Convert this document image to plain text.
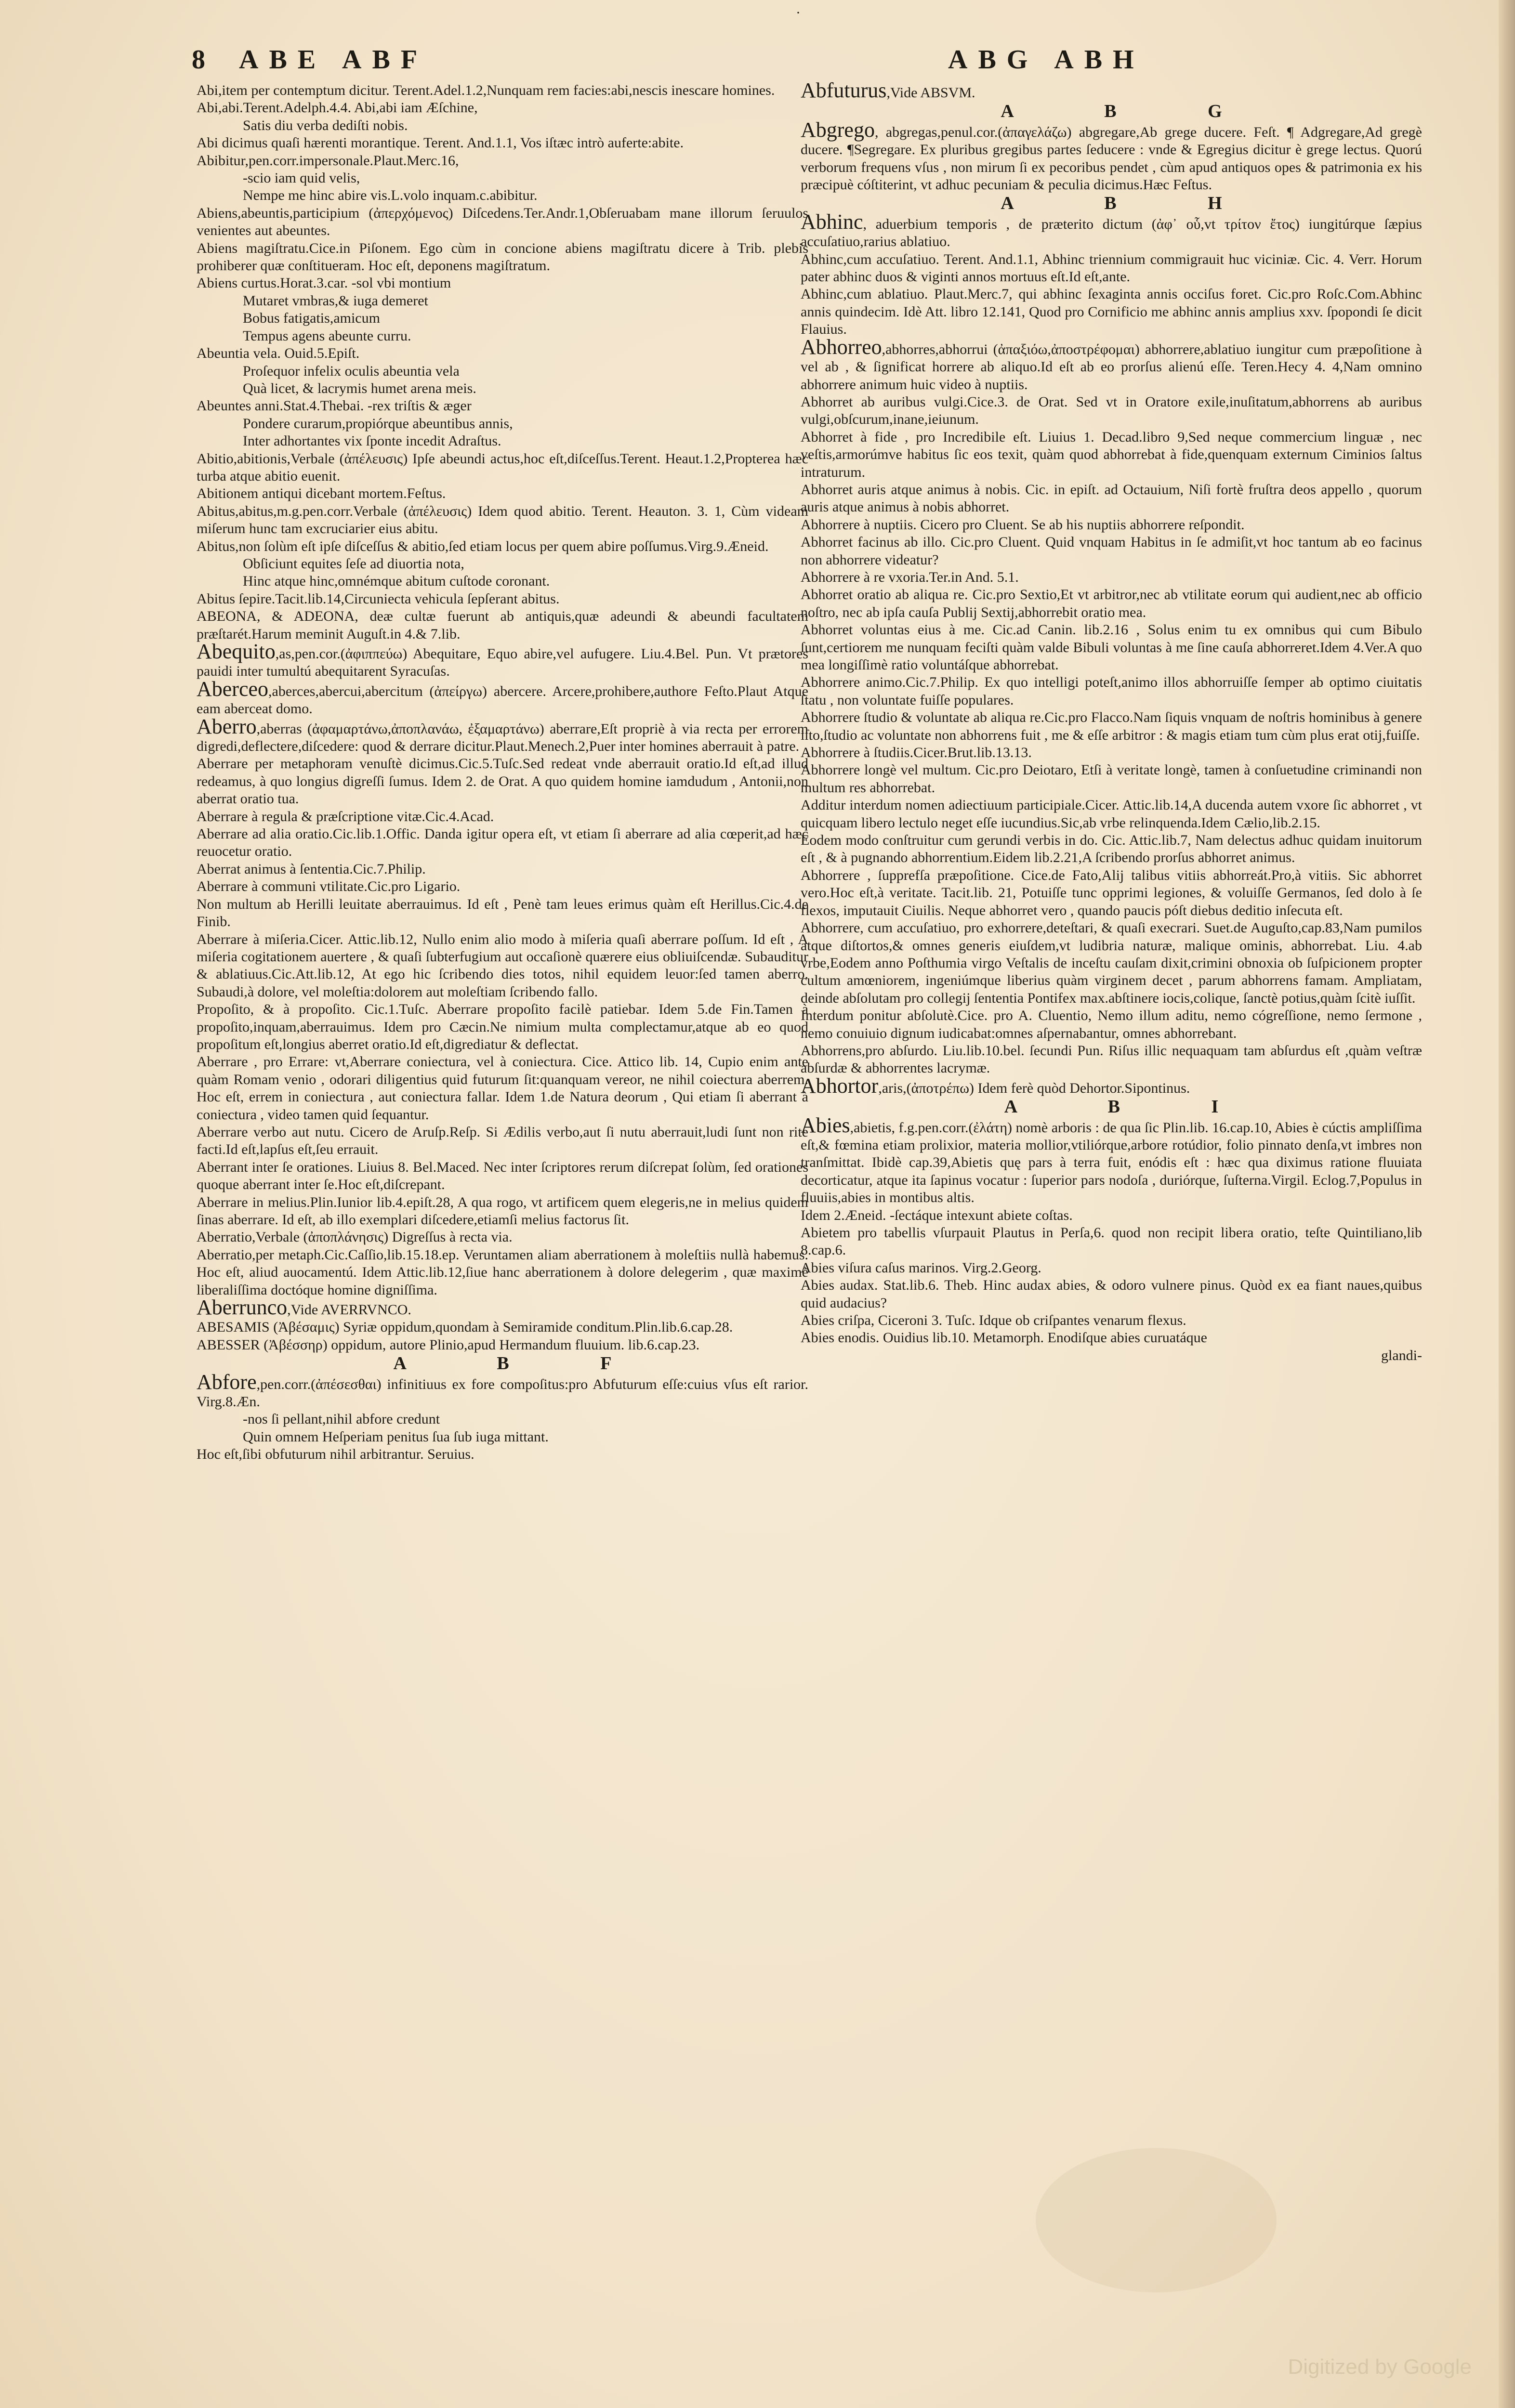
·
8 ABE ABF	ABG ABH

Abi,item per contemptum dicitur. Terent.Adel.1.2,Nunquam rem facies:abi,nescis inescare homines.

Abi,abi.Terent.Adelph.4.4. Abi,abi iam Æſchine,

Satis diu verba dediſti nobis.

Abi dicimus quaſi hærenti morantique. Terent. And.1.1, Vos iſtæc intrò auferte:abite.

Abibitur,pen.corr.impersonale.Plaut.Merc.16,

-scio iam quid velis,

Nempe me hinc abire vis.L.volo inquam.c.abibitur.

Abiens,abeuntis,participium (ἀπερχόμενος) Diſcedens.Ter.Andr.1,Obſeruabam mane illorum ſeruulos venientes aut abeuntes.

Abiens magiſtratu.Cice.in Piſonem. Ego cùm in concione abiens magiſtratu dicere à Trib. plebis prohiberer quæ conſtitueram. Hoc eſt, deponens magiſtratum.

Abiens curtus.Horat.3.car. -sol vbi montium

Mutaret vmbras,& iuga demeret

Bobus fatigatis,amicum

Tempus agens abeunte curru.

Abeuntia vela. Ouid.5.Epiſt.

Proſequor infelix oculis abeuntia vela

Quà licet, & lacrymis humet arena meis.

Abeuntes anni.Stat.4.Thebai. -rex triſtis & æger

Pondere curarum,propiórque abeuntibus annis,

Inter adhortantes vix ſponte incedit Adraſtus.

Abitio,abitionis,Verbale (ἀπέλευσις) Ipſe abeundi actus,hoc eſt,diſceſſus.Terent. Heaut.1.2,Propterea hæc turba atque abitio euenit.

Abitionem antiqui dicebant mortem.Feſtus.

Abitus,abitus,m.g.pen.corr.Verbale (ἀπέλευσις) Idem quod abitio. Terent. Heauton. 3. 1, Cùm videam miſerum hunc tam excruciarier eius abitu.

Abitus,non ſolùm eſt ipſe diſceſſus & abitio,ſed etiam locus per quem abire poſſumus.Virg.9.Æneid.

Obſiciunt equites ſeſe ad diuortia nota,

Hinc atque hinc,omnémque abitum cuſtode coronant.

Abitus ſepire.Tacit.lib.14,Circuniecta vehicula ſepſerant abitus.

ABEONA, & ADEONA, deæ cultæ fuerunt ab antiquis,quæ adeundi & abeundi facultatem præſtarét.Harum meminit Auguſt.in 4.& 7.lib.

Abequito,as,pen.cor.(ἀφιππεύω) Abequitare, Equo abire,vel aufugere. Liu.4.Bel. Pun. Vt prætores pauidi inter tumultú abequitarent Syracuſas.

Aberceo,aberces,abercui,abercitum (ἀπείργω) abercere. Arcere,prohibere,authore Feſto.Plaut Atque eam aberceat domo.

Aberro,aberras (ἀφαμαρτάνω,ἀποπλανάω, ἐξαμαρτάνω) aberrare,Eſt propriè à via recta per errorem digredi,deflectere,diſcedere: quod & derrare dicitur.Plaut.Menech.2,Puer inter homines aberrauit à patre.

Aberrare per metaphoram venuſtè dicimus.Cic.5.Tuſc.Sed redeat vnde aberrauit oratio.Id eſt,ad illud redeamus, à quo longius digreſſi ſumus. Idem 2. de Orat. A quo quidem homine iamdudum , Antonii,non aberrat oratio tua.

Aberrare à regula & præſcriptione vitæ.Cic.4.Acad.

Aberrare ad alia oratio.Cic.lib.1.Offic. Danda igitur opera eſt, vt etiam ſi aberrare ad alia cœperit,ad hæc reuocetur oratio.

Aberrat animus à ſententia.Cic.7.Philip.

Aberrare à communi vtilitate.Cic.pro Ligario.

Non multum ab Herilli leuitate aberrauimus. Id eſt , Penè tam leues erimus quàm eſt Herillus.Cic.4.de Finib.

Aberrare à miſeria.Cicer. Attic.lib.12, Nullo enim alio modo à miſeria quaſi aberrare poſſum. Id eſt , A miſeria cogitationem auertere , & quaſi ſubterfugium aut occaſionè quærere eius obliuiſcendæ. Subauditur & ablatiuus.Cic.Att.lib.12, At ego hic ſcribendo dies totos, nihil equidem leuor:ſed tamen aberro. Subaudi,à dolore, vel moleſtia:dolorem aut moleſtiam ſcribendo fallo.

Propoſito, & à propoſito. Cic.1.Tuſc. Aberrare propoſito facilè patiebar. Idem 5.de Fin.Tamen à propoſito,inquam,aberrauimus. Idem pro Cæcin.Ne nimium multa complectamur,atque ab eo quod propoſitum eſt,longius aberret oratio.Id eſt,digrediatur & deflectat.

Aberrare , pro Errare: vt,Aberrare coniectura, vel à coniectura. Cice. Attico lib. 14, Cupio enim ante quàm Romam venio , odorari diligentius quid futurum ſit:quanquam vereor, ne nihil coiectura aberrem. Hoc eſt, errem in coniectura , aut coniectura fallar. Idem 1.de Natura deorum , Qui etiam ſi aberrant à coniectura , video tamen quid ſequantur.

Aberrare verbo aut nutu. Cicero de Aruſp.Reſp. Si Ædilis verbo,aut ſi nutu aberrauit,ludi ſunt non rite facti.Id eſt,lapſus eſt,ſeu errauit.

Aberrant inter ſe orationes. Liuius 8. Bel.Maced. Nec inter ſcriptores rerum diſcrepat ſolùm, ſed orationes quoque aberrant inter ſe.Hoc eſt,diſcrepant.

Aberrare in melius.Plin.Iunior lib.4.epiſt.28, A qua rogo, vt artificem quem elegeris,ne in melius quidem ſinas aberrare. Id eſt, ab illo exemplari diſcedere,etiamſi melius factorus ſit.

Aberratio,Verbale (ἀποπλάνησις) Digreſſus à recta via.

Aberratio,per metaph.Cic.Caſſio,lib.15.18.ep. Veruntamen aliam aberrationem à moleſtiis nullà habemus. Hoc eſt, aliud auocamentú. Idem Attic.lib.12,ſiue hanc aberrationem à dolore delegerim , quæ maximè liberaliſſima doctóque homine digniſſima.

Aberrunco,Vide AVERRVNCO.

ABESAMIS (Ἀβέσαμις) Syriæ oppidum,quondam à Semiramide conditum.Plin.lib.6.cap.28.

ABESSER (Ἀβέσσηρ) oppidum, autore Plinio,apud Hermandum fluuium. lib.6.cap.23.

A B F

Abfore,pen.corr.(ἀπέσεσθαι) infinitiuus ex fore compoſitus:pro Abfuturum eſſe:cuius vſus eſt rarior. Virg.8.Æn.

-nos ſi pellant,nihil abfore credunt

Quin omnem Heſperiam penitus ſua ſub iuga mittant.

Hoc eſt,ſibi obfuturum nihil arbitrantur. Seruius.

Abfuturus,Vide ABSVM.

A B G

Abgrego, abgregas,penul.cor.(ἀπαγελάζω) abgregare,Ab grege ducere. Feſt. ¶ Adgregare,Ad gregè ducere. ¶Segregare. Ex pluribus gregibus partes ſeducere : vnde & Egregius dicitur è grege lectus. Quorú verborum frequens vſus , non mirum ſi ex pecoribus pendet , cùm apud antiquos opes & patrimonia ex his præcipuè cóſtiterint, vt adhuc pecuniam & peculia dicimus.Hæc Feſtus.

A B H

Abhinc, aduerbium temporis , de præterito dictum (ἀφ᾽ οὗ,vt τρίτον ἔτος) iungitúrque ſæpius accuſatiuo,rarius ablatiuo.

Abhinc,cum accuſatiuo. Terent. And.1.1, Abhinc triennium commigrauit huc viciniæ. Cic. 4. Verr. Horum pater abhinc duos & viginti annos mortuus eſt.Id eſt,ante.

Abhinc,cum ablatiuo. Plaut.Merc.7, qui abhinc ſexaginta annis occiſus foret. Cic.pro Roſc.Com.Abhinc annis quindecim. Idè Att. libro 12.141, Quod pro Cornificio me abhinc annis amplius xxv. ſpopondi ſe dicit Flauius.

Abhorreo,abhorres,abhorrui (ἀπαξιόω,ἀποστρέφομαι) abhorrere,ablatiuo iungitur cum præpoſitione à vel ab , & ſignificat horrere ab aliquo.Id eſt ab eo prorſus alienú eſſe. Teren.Hecy 4. 4,Nam omnino abhorrere animum huic video à nuptiis.

Abhorret ab auribus vulgi.Cice.3. de Orat. Sed vt in Oratore exile,inuſitatum,abhorrens ab auribus vulgi,obſcurum,inane,ieiunum.

Abhorret à fide , pro Incredibile eſt. Liuius 1. Decad.libro 9,Sed neque commercium linguæ , nec veſtis,armorúmve habitus ſic eos texit, quàm quod abhorrebat à fide,quenquam externum Ciminios ſaltus intraturum.

Abhorret auris atque animus à nobis. Cic. in epiſt. ad Octauium, Niſi fortè fruſtra deos appello , quorum auris atque animus à nobis abhorret.

Abhorrere à nuptiis. Cicero pro Cluent. Se ab his nuptiis abhorrere reſpondit.

Abhorret facinus ab illo. Cic.pro Cluent. Quid vnquam Habitus in ſe admiſit,vt hoc tantum ab eo facinus non abhorrere videatur?

Abhorrere à re vxoria.Ter.in And. 5.1.

Abhorret oratio ab aliqua re. Cic.pro Sextio,Et vt arbitror,nec ab vtilitate eorum qui audient,nec ab officio noſtro, nec ab ipſa cauſa Publij Sextij,abhorrebit oratio mea.

Abhorret voluntas eius à me. Cic.ad Canin. lib.2.16 , Solus enim tu ex omnibus qui cum Bibulo ſunt,certiorem me nunquam feciſti quàm valde Bibuli voluntas à me ſine cauſa abhorreret.Idem 4.Ver.A quo mea longiſſimè ratio voluntáſque abhorrebat.

Abhorrere animo.Cic.7.Philip. Ex quo intelligi poteſt,animo illos abhorruiſſe ſemper ab optimo ciuitatis ſtatu , non voluntate fuiſſe populares.

Abhorrere ſtudio & voluntate ab aliqua re.Cic.pro Flacco.Nam ſiquis vnquam de noſtris hominibus à genere iſto,ſtudio ac voluntate non abhorrens fuit , me & eſſe arbitror : & magis etiam tum cùm plus erat otij,fuiſſe.

Abhorrere à ſtudiis.Cicer.Brut.lib.13.13.

Abhorrere longè vel multum. Cic.pro Deiotaro, Etſi à veritate longè, tamen à conſuetudine criminandi non multum res abhorrebat.

Additur interdum nomen adiectiuum participiale.Cicer. Attic.lib.14,A ducenda autem vxore ſic abhorret , vt quicquam libero lectulo neget eſſe iucundius.Sic,ab vrbe relinquenda.Idem Cælio,lib.2.15.

Eodem modo conſtruitur cum gerundi verbis in do. Cic. Attic.lib.7, Nam delectus adhuc quidam inuitorum eſt , & à pugnando abhorrentium.Eidem lib.2.21,A ſcribendo prorſus abhorret animus.

Abhorrere , ſupprefſa præpoſitione. Cice.de Fato,Alij talibus vitiis abhorreát.Pro,à vitiis. Sic abhorret vero.Hoc eſt,à veritate. Tacit.lib. 21, Potuiſſe tunc opprimi legiones, & voluiſſe Germanos, ſed dolo à ſe flexos, imputauit Ciuilis. Neque abhorret vero , quando paucis póſt diebus deditio inſecuta eſt.

Abhorrere, cum accuſatiuo, pro exhorrere,deteſtari, & quaſi execrari. Suet.de Auguſto,cap.83,Nam pumilos atque diſtortos,& omnes generis eiuſdem,vt ludibria naturæ, malique ominis, abhorrebat. Liu. 4.ab vrbe,Eodem anno Poſthumia virgo Veſtalis de inceſtu cauſam dixit,crimini obnoxia ob ſuſpicionem propter cultum amœniorem, ingeniúmque liberius quàm virginem decet , parum abhorrens famam. Ampliatam, deinde abſolutam pro collegij ſententia Pontifex max.abſtinere iocis,colique, ſanctè potius,quàm ſcitè iuſſit.

Interdum ponitur abſolutè.Cice. pro A. Cluentio, Nemo illum aditu, nemo cógreſſione, nemo ſermone , nemo conuiuio dignum iudicabat:omnes aſpernabantur, omnes abhorrebant.

Abhorrens,pro abſurdo. Liu.lib.10.bel. ſecundi Pun. Riſus illic nequaquam tam abſurdus eſt ,quàm veſtræ abſurdæ & abhorrentes lacrymæ.

Abhortor,aris,(ἀποτρέπω) Idem ferè quòd Dehortor.Sipontinus.

A B I

Abies,abietis, f.g.pen.corr.(ἐλάτη) nomè arboris : de qua ſic Plin.lib. 16.cap.10, Abies è cúctis ampliſſima eſt,& fœmina etiam prolixior, materia mollior,vtiliórque,arbore rotúdior, folio pinnato denſa,vt imbres non tranſmittat. Ibidè cap.39,Abietis quę pars à terra fuit, enódis eſt : hæc qua diximus ratione fluuiata decorticatur, atque ita ſapinus vocatur : ſuperior pars nodoſa , duriórque, ſuſterna.Virgil. Eclog.7,Populus in fluuiis,abies in montibus altis.

Idem 2.Æneid. -ſectáque intexunt abiete coſtas.

Abietem pro tabellis vſurpauit Plautus in Perſa,6. quod non recipit libera oratio, teſte Quintiliano,lib 8.cap.6.

Abies viſura caſus marinos. Virg.2.Georg.

Abies audax. Stat.lib.6. Theb. Hinc audax abies, & odoro vulnere pinus. Quòd ex ea fiant naues,quibus quid audacius?

Abies criſpa, Ciceroni 3. Tuſc. Idque ob criſpantes venarum flexus.

Abies enodis. Ouidius lib.10. Metamorph. Enodiſque abies curuatáque

glandi-

Digitized by Google
